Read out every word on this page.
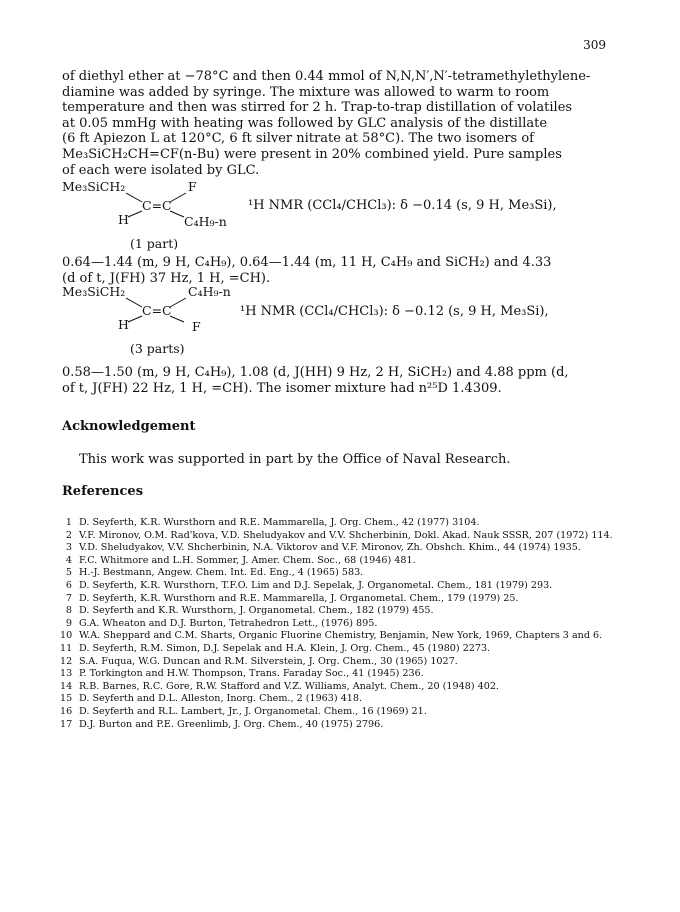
309
of diethyl ether at −78°C and then 0.44 mmol of N,N,N′,N′-tetramethylethylene-
diamine was added by syringe. The mixture was allowed to warm to room
temperature and then was stirred for 2 h. Trap-to-trap distillation of volatiles
at 0.05 mmHg with heating was followed by GLC analysis of the distillate
(6 ft Apiezon L at 120°C, 6 ft silver nitrate at 58°C). The two isomers of
Me₃SiCH₂CH=CF(n-Bu) were present in 20% combined yield. Pure samples
of each were isolated by GLC.
Me₃SiCH₂	F
C=C
H	C₄H₉-n
¹H NMR (CCl₄/CHCl₃): δ −0.14 (s, 9 H, Me₃Si),
(1 part)
0.64—1.44 (m, 9 H, C₄H₉), 0.64—1.44 (m, 11 H, C₄H₉ and SiCH₂) and 4.33
(d of t, J(FH) 37 Hz, 1 H, =CH).
Me₃SiCH₂	C₄H₉-n
C=C
H	F
¹H NMR (CCl₄/CHCl₃): δ −0.12 (s, 9 H, Me₃Si),
(3 parts)
0.58—1.50 (m, 9 H, C₄H₉), 1.08 (d, J(HH) 9 Hz, 2 H, SiCH₂) and 4.88 ppm (d,
of t, J(FH) 22 Hz, 1 H, =CH). The isomer mixture had n²⁵D 1.4309.
Acknowledgement
This work was supported in part by the Office of Naval Research.
References
1 D. Seyferth, K.R. Wursthorn and R.E. Mammarella, J. Org. Chem., 42 (1977) 3104.
2 V.F. Mironov, O.M. Rad'kova, V.D. Sheludyakov and V.V. Shcherbinin, Dokl. Akad. Nauk SSSR, 207 (1972) 114.
3 V.D. Sheludyakov, V.V. Shcherbinin, N.A. Viktorov and V.F. Mironov, Zh. Obshch. Khim., 44 (1974) 1935.
4 F.C. Whitmore and L.H. Sommer, J. Amer. Chem. Soc., 68 (1946) 481.
5 H.-J. Bestmann, Angew. Chem. Int. Ed. Eng., 4 (1965) 583.
6 D. Seyferth, K.R. Wursthorn, T.F.O. Lim and D.J. Sepelak, J. Organometal. Chem., 181 (1979) 293.
7 D. Seyferth, K.R. Wursthorn and R.E. Mammarella, J. Organometal. Chem., 179 (1979) 25.
8 D. Seyferth and K.R. Wursthorn, J. Organometal. Chem., 182 (1979) 455.
9 G.A. Wheaton and D.J. Burton, Tetrahedron Lett., (1976) 895.
10 W.A. Sheppard and C.M. Sharts, Organic Fluorine Chemistry, Benjamin, New York, 1969, Chapters 3 and 6.
11 D. Seyferth, R.M. Simon, D.J. Sepelak and H.A. Klein, J. Org. Chem., 45 (1980) 2273.
12 S.A. Fuqua, W.G. Duncan and R.M. Silverstein, J. Org. Chem., 30 (1965) 1027.
13 P. Torkington and H.W. Thompson, Trans. Faraday Soc., 41 (1945) 236.
14 R.B. Barnes, R.C. Gore, R.W. Stafford and V.Z. Williams, Analyt. Chem., 20 (1948) 402.
15 D. Seyferth and D.L. Alleston, Inorg. Chem., 2 (1963) 418.
16 D. Seyferth and R.L. Lambert, Jr., J. Organometal. Chem., 16 (1969) 21.
17 D.J. Burton and P.E. Greenlimb, J. Org. Chem., 40 (1975) 2796.
